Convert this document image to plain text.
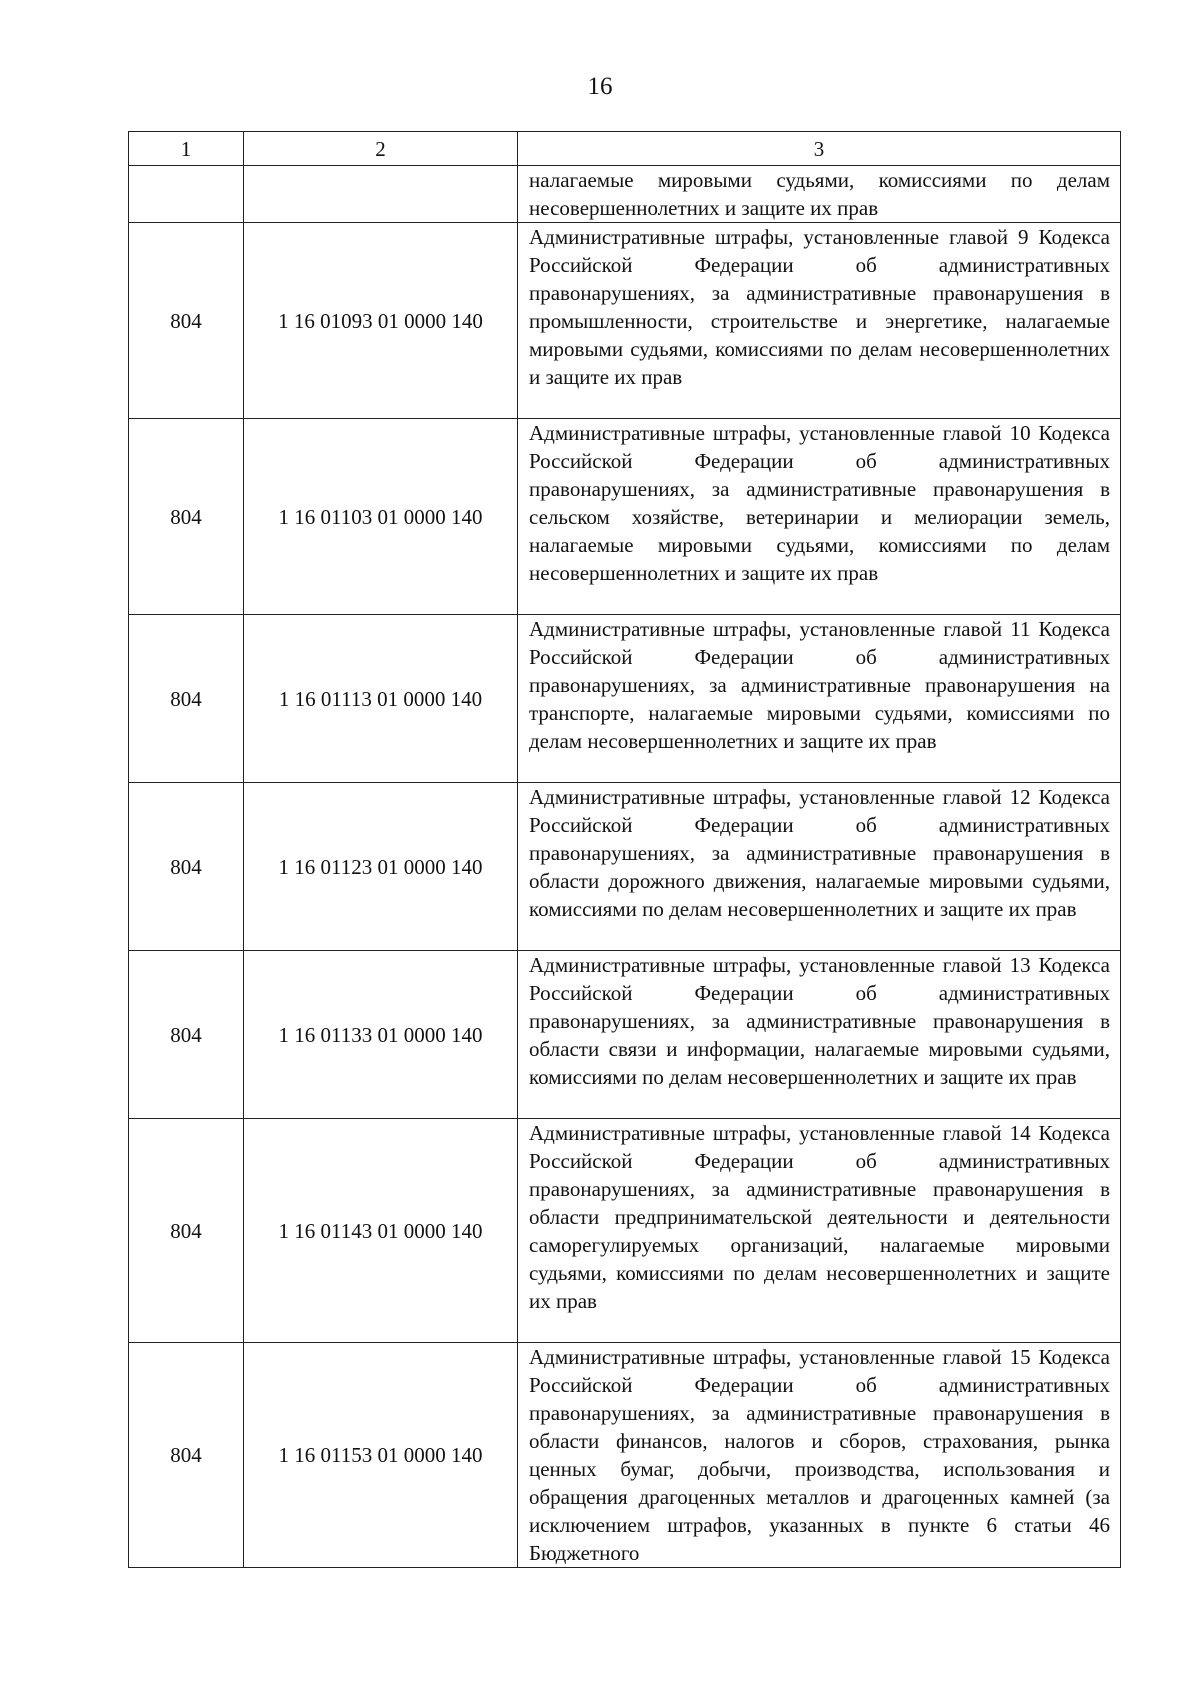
16
1	2	3

		налагаемые мировыми судьями, комиссиями по делам несовершеннолетних и защите их прав

804	1 16 01093 01 0000 140	Административные штрафы, установленные главой 9 Кодекса Российской Федерации об административных правонарушениях, за административные правонарушения в промышленности, строительстве и энергетике, налагаемые мировыми судьями, комиссиями по делам несовершеннолетних и защите их прав

804	1 16 01103 01 0000 140	Административные штрафы, установленные главой 10 Кодекса Российской Федерации об административных правонарушениях, за административные правонарушения в сельском хозяйстве, ветеринарии и мелиорации земель, налагаемые мировыми судьями, комиссиями по делам несовершеннолетних и защите их прав

804	1 16 01113 01 0000 140	Административные штрафы, установленные главой 11 Кодекса Российской Федерации об административных правонарушениях, за административные правонарушения на транспорте, налагаемые мировыми судьями, комиссиями по делам несовершеннолетних и защите их прав

804	1 16 01123 01 0000 140	Административные штрафы, установленные главой 12 Кодекса Российской Федерации об административных правонарушениях, за административные правонарушения в области дорожного движения, налагаемые мировыми судьями, комиссиями по делам несовершеннолетних и защите их прав

804	1 16 01133 01 0000 140	Административные штрафы, установленные главой 13 Кодекса Российской Федерации об административных правонарушениях, за административные правонарушения в области связи и информации, налагаемые мировыми судьями, комиссиями по делам несовершеннолетних и защите их прав

804	1 16 01143 01 0000 140	Административные штрафы, установленные главой 14 Кодекса Российской Федерации об административных правонарушениях, за административные правонарушения в области предпринимательской деятельности и деятельности саморегулируемых организаций, налагаемые мировыми судьями, комиссиями по делам несовершеннолетних и защите их прав

804	1 16 01153 01 0000 140	Административные штрафы, установленные главой 15 Кодекса Российской Федерации об административных правонарушениях, за административные правонарушения в области финансов, налогов и сборов, страхования, рынка ценных бумаг, добычи, производства, использования и обращения драгоценных металлов и драгоценных камней (за исключением штрафов, указанных в пункте 6 статьи 46 Бюджетного
